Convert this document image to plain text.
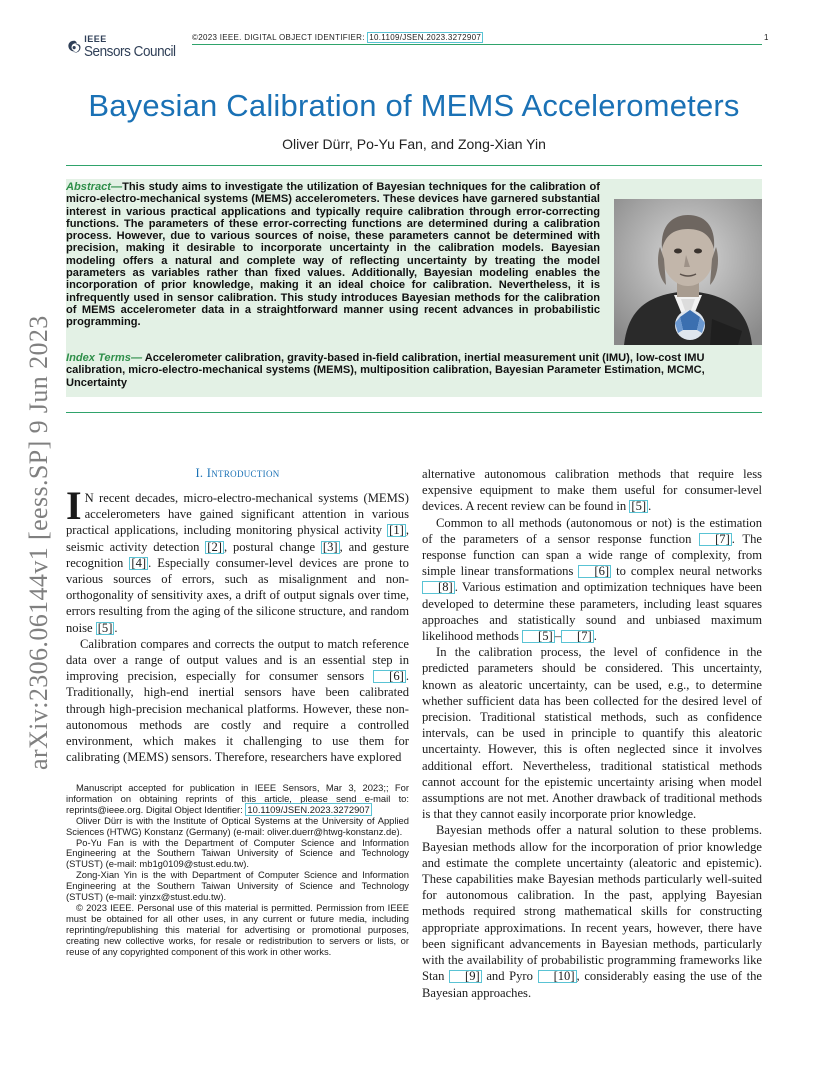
IEEE
Sensors Council
©2023 IEEE. DIGITAL OBJECT IDENTIFIER: 10.1109/JSEN.2023.3272907	1
arXiv:2306.06144v1 [eess.SP] 9 Jun 2023
Bayesian Calibration of MEMS Accelerometers
Oliver Dürr, Po-Yu Fan, and Zong-Xian Yin
Abstract—This study aims to investigate the utilization of Bayesian techniques for the calibration of micro-electro-mechanical systems (MEMS) accelerometers. These devices have garnered substantial interest in various practical applications and typically require calibration through error-correcting functions. The parameters of these error-correcting functions are determined during a calibration process. However, due to various sources of noise, these parameters cannot be determined with precision, making it desirable to incorporate uncertainty in the calibration models. Bayesian modeling offers a natural and complete way of reflecting uncertainty by treating the model parameters as variables rather than fixed values. Additionally, Bayesian modeling enables the incorporation of prior knowledge, making it an ideal choice for calibration. Nevertheless, it is infrequently used in sensor calibration. This study introduces Bayesian methods for the calibration of MEMS accelerometer data in a straightforward manner using recent advances in probabilistic programming.
Index Terms— Accelerometer calibration, gravity-based in-field calibration, inertial measurement unit (IMU), low-cost IMU calibration, micro-electro-mechanical systems (MEMS), multiposition calibration, Bayesian Parameter Estimation, MCMC, Uncertainty
I. Introduction

I N recent decades, micro-electro-mechanical systems (MEMS) accelerometers have gained significant attention in various practical applications, including monitoring physical activity [1] , seismic activity detection [2] , postural change [3] , and gesture recognition [4] . Especially consumer-level devices are prone to various sources of errors, such as misalignment and non-orthogonality of sensitivity axes, a drift of output signals over time, errors resulting from the aging of the silicone structure, and random noise [5] .

Calibration compares and corrects the output to match reference data over a range of output values and is an essential step in improving precision, especially for consumer sensors [6] . Traditionally, high-end inertial sensors have been calibrated through high-precision mechanical platforms. However, these non-autonomous methods are costly and require a controlled environment, which makes it challenging to use them for calibrating (MEMS) sensors. Therefore, researchers have explored

Manuscript accepted for publication in IEEE Sensors, Mar 3, 2023;; For information on obtaining reprints of this article, please send e-mail to: reprints@ieee.org. Digital Object Identifier: 10.1109/JSEN.2023.3272907

Oliver Dürr is with the Institute of Optical Systems at the University of Applied Sciences (HTWG) Konstanz (Germany) (e-mail: oliver.duerr@htwg-konstanz.de).

Po-Yu Fan is with the Department of Computer Science and Information Engineering at the Southern Taiwan University of Science and Technology (STUST) (e-mail: mb1g0109@stust.edu.tw).

Zong-Xian Yin is the with Department of Computer Science and Information Engineering at the Southern Taiwan University of Science and Technology (STUST) (e-mail: yinzx@stust.edu.tw).

© 2023 IEEE. Personal use of this material is permitted. Permission from IEEE must be obtained for all other uses, in any current or future media, including reprinting/republishing this material for advertising or promotional purposes, creating new collective works, for resale or redistribution to servers or lists, or reuse of any copyrighted component of this work in other works.

alternative autonomous calibration methods that require less expensive equipment to make them useful for consumer-level devices. A recent review can be found in [5] .

Common to all methods (autonomous or not) is the estimation of the parameters of a sensor response function [7] . The response function can span a wide range of complexity, from simple linear transformations [6] to complex neural networks [8] . Various estimation and optimization techniques have been developed to determine these parameters, including least squares approaches and statistically sound and unbiased maximum likelihood methods [5] – [7] .

In the calibration process, the level of confidence in the predicted parameters should be considered. This uncertainty, known as aleatoric uncertainty, can be used, e.g., to determine whether sufficient data has been collected for the desired level of precision. Traditional statistical methods, such as confidence intervals, can be used in principle to quantify this aleatoric uncertainty. However, this is often neglected since it involves additional effort. Nevertheless, traditional statistical methods cannot account for the epistemic uncertainty arising when model assumptions are not met. Another drawback of traditional methods is that they cannot easily incorporate prior knowledge.

Bayesian methods offer a natural solution to these problems. Bayesian methods allow for the incorporation of prior knowledge and estimate the complete uncertainty (aleatoric and epistemic). These capabilities make Bayesian methods particularly well-suited for autonomous calibration. In the past, applying Bayesian methods required strong mathematical skills for constructing appropriate approximations. In recent years, however, there have been significant advancements in Bayesian methods, particularly with the availability of probabilistic programming frameworks like Stan [9] and Pyro [10] , considerably easing the use of the Bayesian approaches.
